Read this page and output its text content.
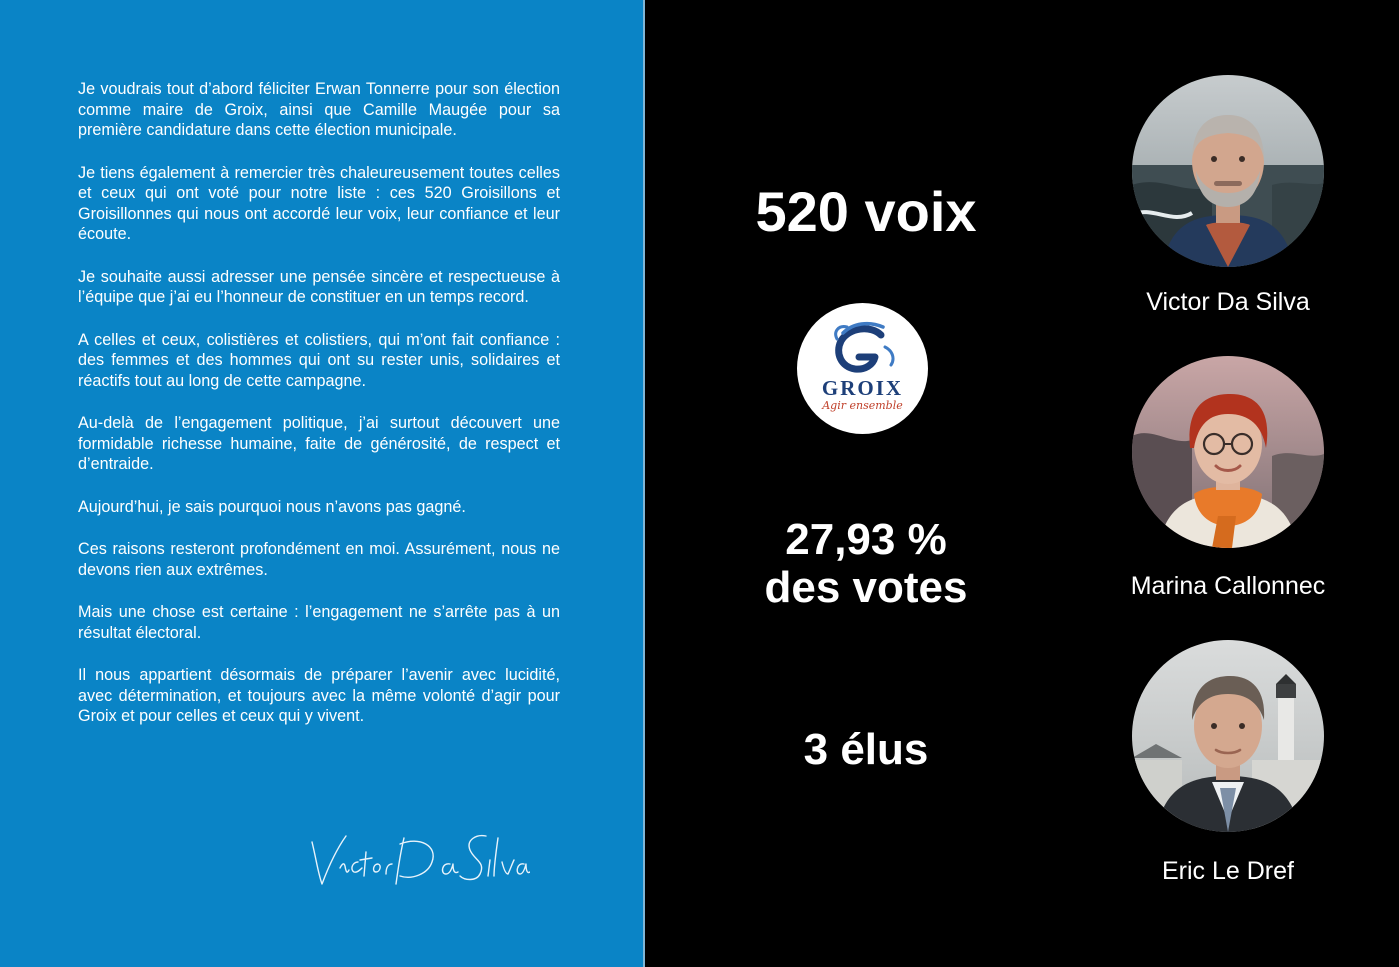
Je voudrais tout d’abord féliciter Erwan Tonnerre pour son élection comme maire de Groix, ainsi que Camille Maugée pour sa première candidature dans cette élection municipale.

Je tiens également à remercier très chaleureusement toutes celles et ceux qui ont voté pour notre liste : ces 520 Groisillons et Groisillonnes qui nous ont accordé leur voix, leur confiance et leur écoute.

Je souhaite aussi adresser une pensée sincère et respectueuse à l’équipe que j’ai eu l’honneur de constituer en un temps record.

A celles et ceux, colistières et colistiers, qui m’ont fait confiance : des femmes et des hommes qui ont su rester unis, solidaires et réactifs tout au long de cette campagne.

Au-delà de l’engagement politique, j’ai surtout découvert une formidable richesse humaine, faite de générosité, de respect et d’entraide.

Aujourd’hui, je sais pourquoi nous n’avons pas gagné.

Ces raisons resteront profondément en moi. Assurément, nous ne devons rien aux extrêmes.

Mais une chose est certaine : l’engagement ne s’arrête pas à un résultat électoral.

Il nous appartient désormais de préparer l’avenir avec lucidité, avec détermination, et toujours avec la même volonté d’agir pour Groix et pour celles et ceux qui y vivent.

520 voix
GROIX
Agir ensemble
27,93 %
des votes
3 élus
Victor Da Silva
Marina Callonnec
Eric Le Dref
